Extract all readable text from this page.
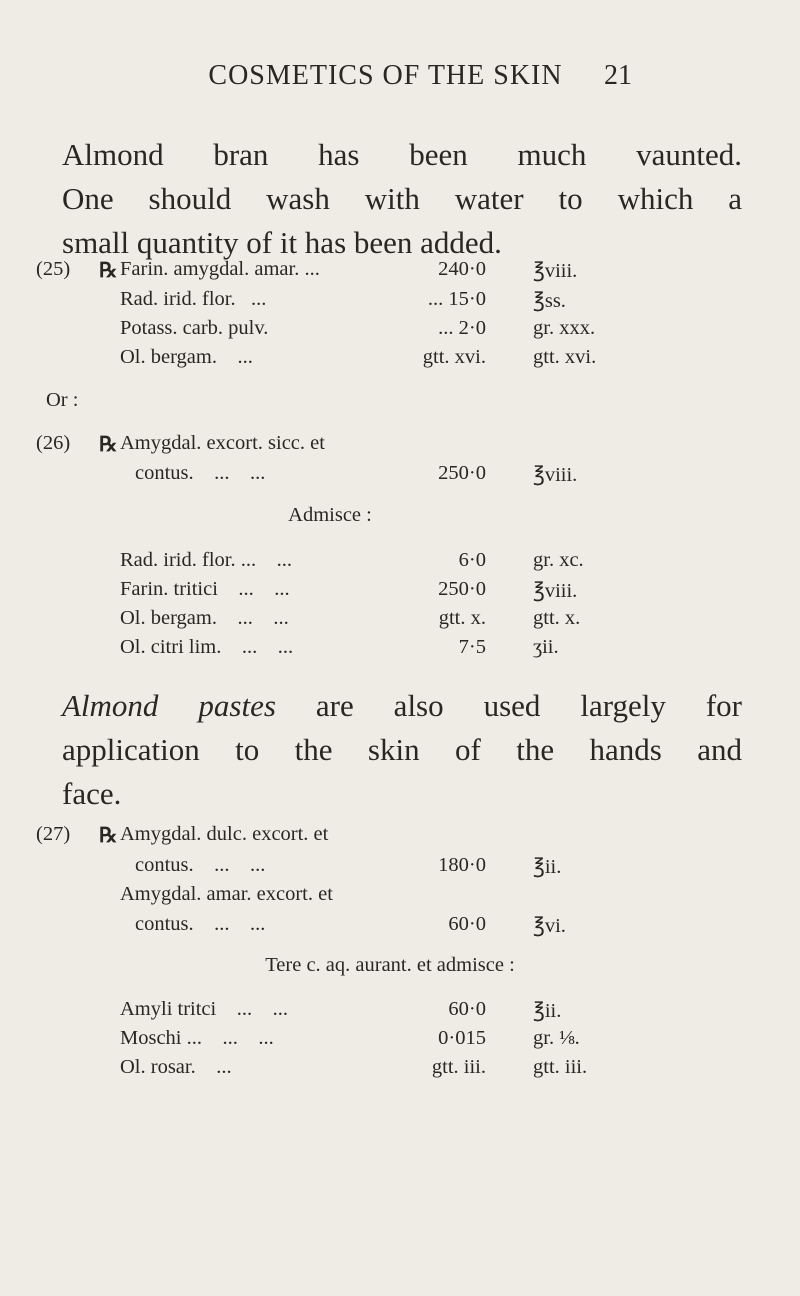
COSMETICS OF THE SKIN	21
Almond bran has been much vaunted.
One should wash with water to which a
small quantity of it has been added.
(25) ℞ Farin. amygdal. amar. ...	240·0 ℥viii.
Rad. irid. flor.   ...	... 15·0 ℥ss.
Potass. carb. pulv.	... 2·0 gr. xxx.
Ol. bergam.    ...	gtt. xvi. gtt. xvi.
Or :
(26) ℞ Amygdal. excort. sicc. et
contus.    ...    ...	250·0 ℥viii.
Admisce :
Rad. irid. flor. ...    ...	6·0 gr. xc.
Farin. tritici    ...    ...	250·0 ℥viii.
Ol. bergam.    ...    ...	gtt. x. gtt. x.
Ol. citri lim.    ...    ...	7·5 ʒii.
Almond pastes are also used largely for
application to the skin of the hands and
face.
(27) ℞ Amygdal. dulc. excort. et
contus.    ...    ...	180·0 ℥ii.
Amygdal. amar. excort. et
contus.    ...    ...	60·0 ℥vi.
Tere c. aq. aurant. et admisce :
Amyli tritci    ...    ...	60·0 ℥ii.
Moschi ...    ...    ...	0·015 gr. ⅛.
Ol. rosar.    ...	gtt. iii. gtt. iii.
